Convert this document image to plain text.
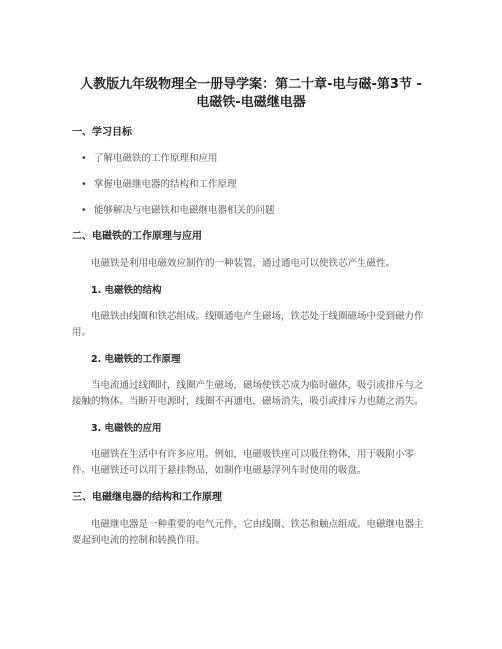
人教版九年级物理全一册导学案：第二十章-电与磁-第3节 - 电磁铁-电磁继电器
一、学习目标
• 了解电磁铁的工作原理和应用
• 掌握电磁继电器的结构和工作原理
• 能够解决与电磁铁和电磁继电器相关的问题
二、电磁铁的工作原理与应用

电磁铁是利用电磁效应制作的一种装置，通过通电可以使铁芯产生磁性。

1. 电磁铁的结构

电磁铁由线圈和铁芯组成。线圈通电产生磁场，铁芯处于线圈磁场中受到磁力作用。

2. 电磁铁的工作原理

当电流通过线圈时，线圈产生磁场，磁场使铁芯成为临时磁体，吸引或排斥与之接触的物体。当断开电源时，线圈不再通电，磁场消失，吸引或排斥力也随之消失。

3. 电磁铁的应用

电磁铁在生活中有许多应用。例如，电磁吸铁座可以吸住物体，用于吸附小零件。电磁铁还可以用于悬挂物品，如制作电磁悬浮列车时使用的吸盘。

三、电磁继电器的结构和工作原理

电磁继电器是一种重要的电气元件，它由线圈、铁芯和触点组成。电磁继电器主要起到电流的控制和转换作用。
